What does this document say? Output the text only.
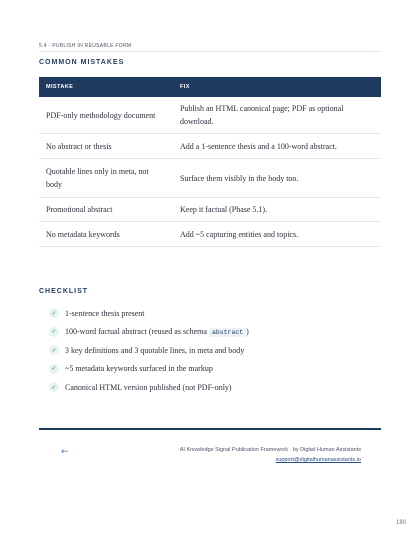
5.4 · PUBLISH IN REUSABLE FORM
COMMON MISTAKES
MISTAKE	FIX
PDF-only methodology document	Publish an HTML canonical page; PDF as optional download.
No abstract or thesis	Add a 1-sentence thesis and a 100-word abstract.
Quotable lines only in meta, not body	Surface them visibly in the body too.
Promotional abstract	Keep it factual (Phase 5.1).
No metadata keywords	Add ~5 capturing entities and topics.
CHECKLIST
✓	1-sentence thesis present
✓	100-word factual abstract (reused as schema abstract )
✓	3 key definitions and 3 quotable lines, in meta and body
✓	~5 metadata keywords surfaced in the markup
✓	Canonical HTML version published (not PDF-only)
←	AI Knowledge Signal Publication Framework · by Digital Human Assistants
support@digitalhumanassistants.io
180
